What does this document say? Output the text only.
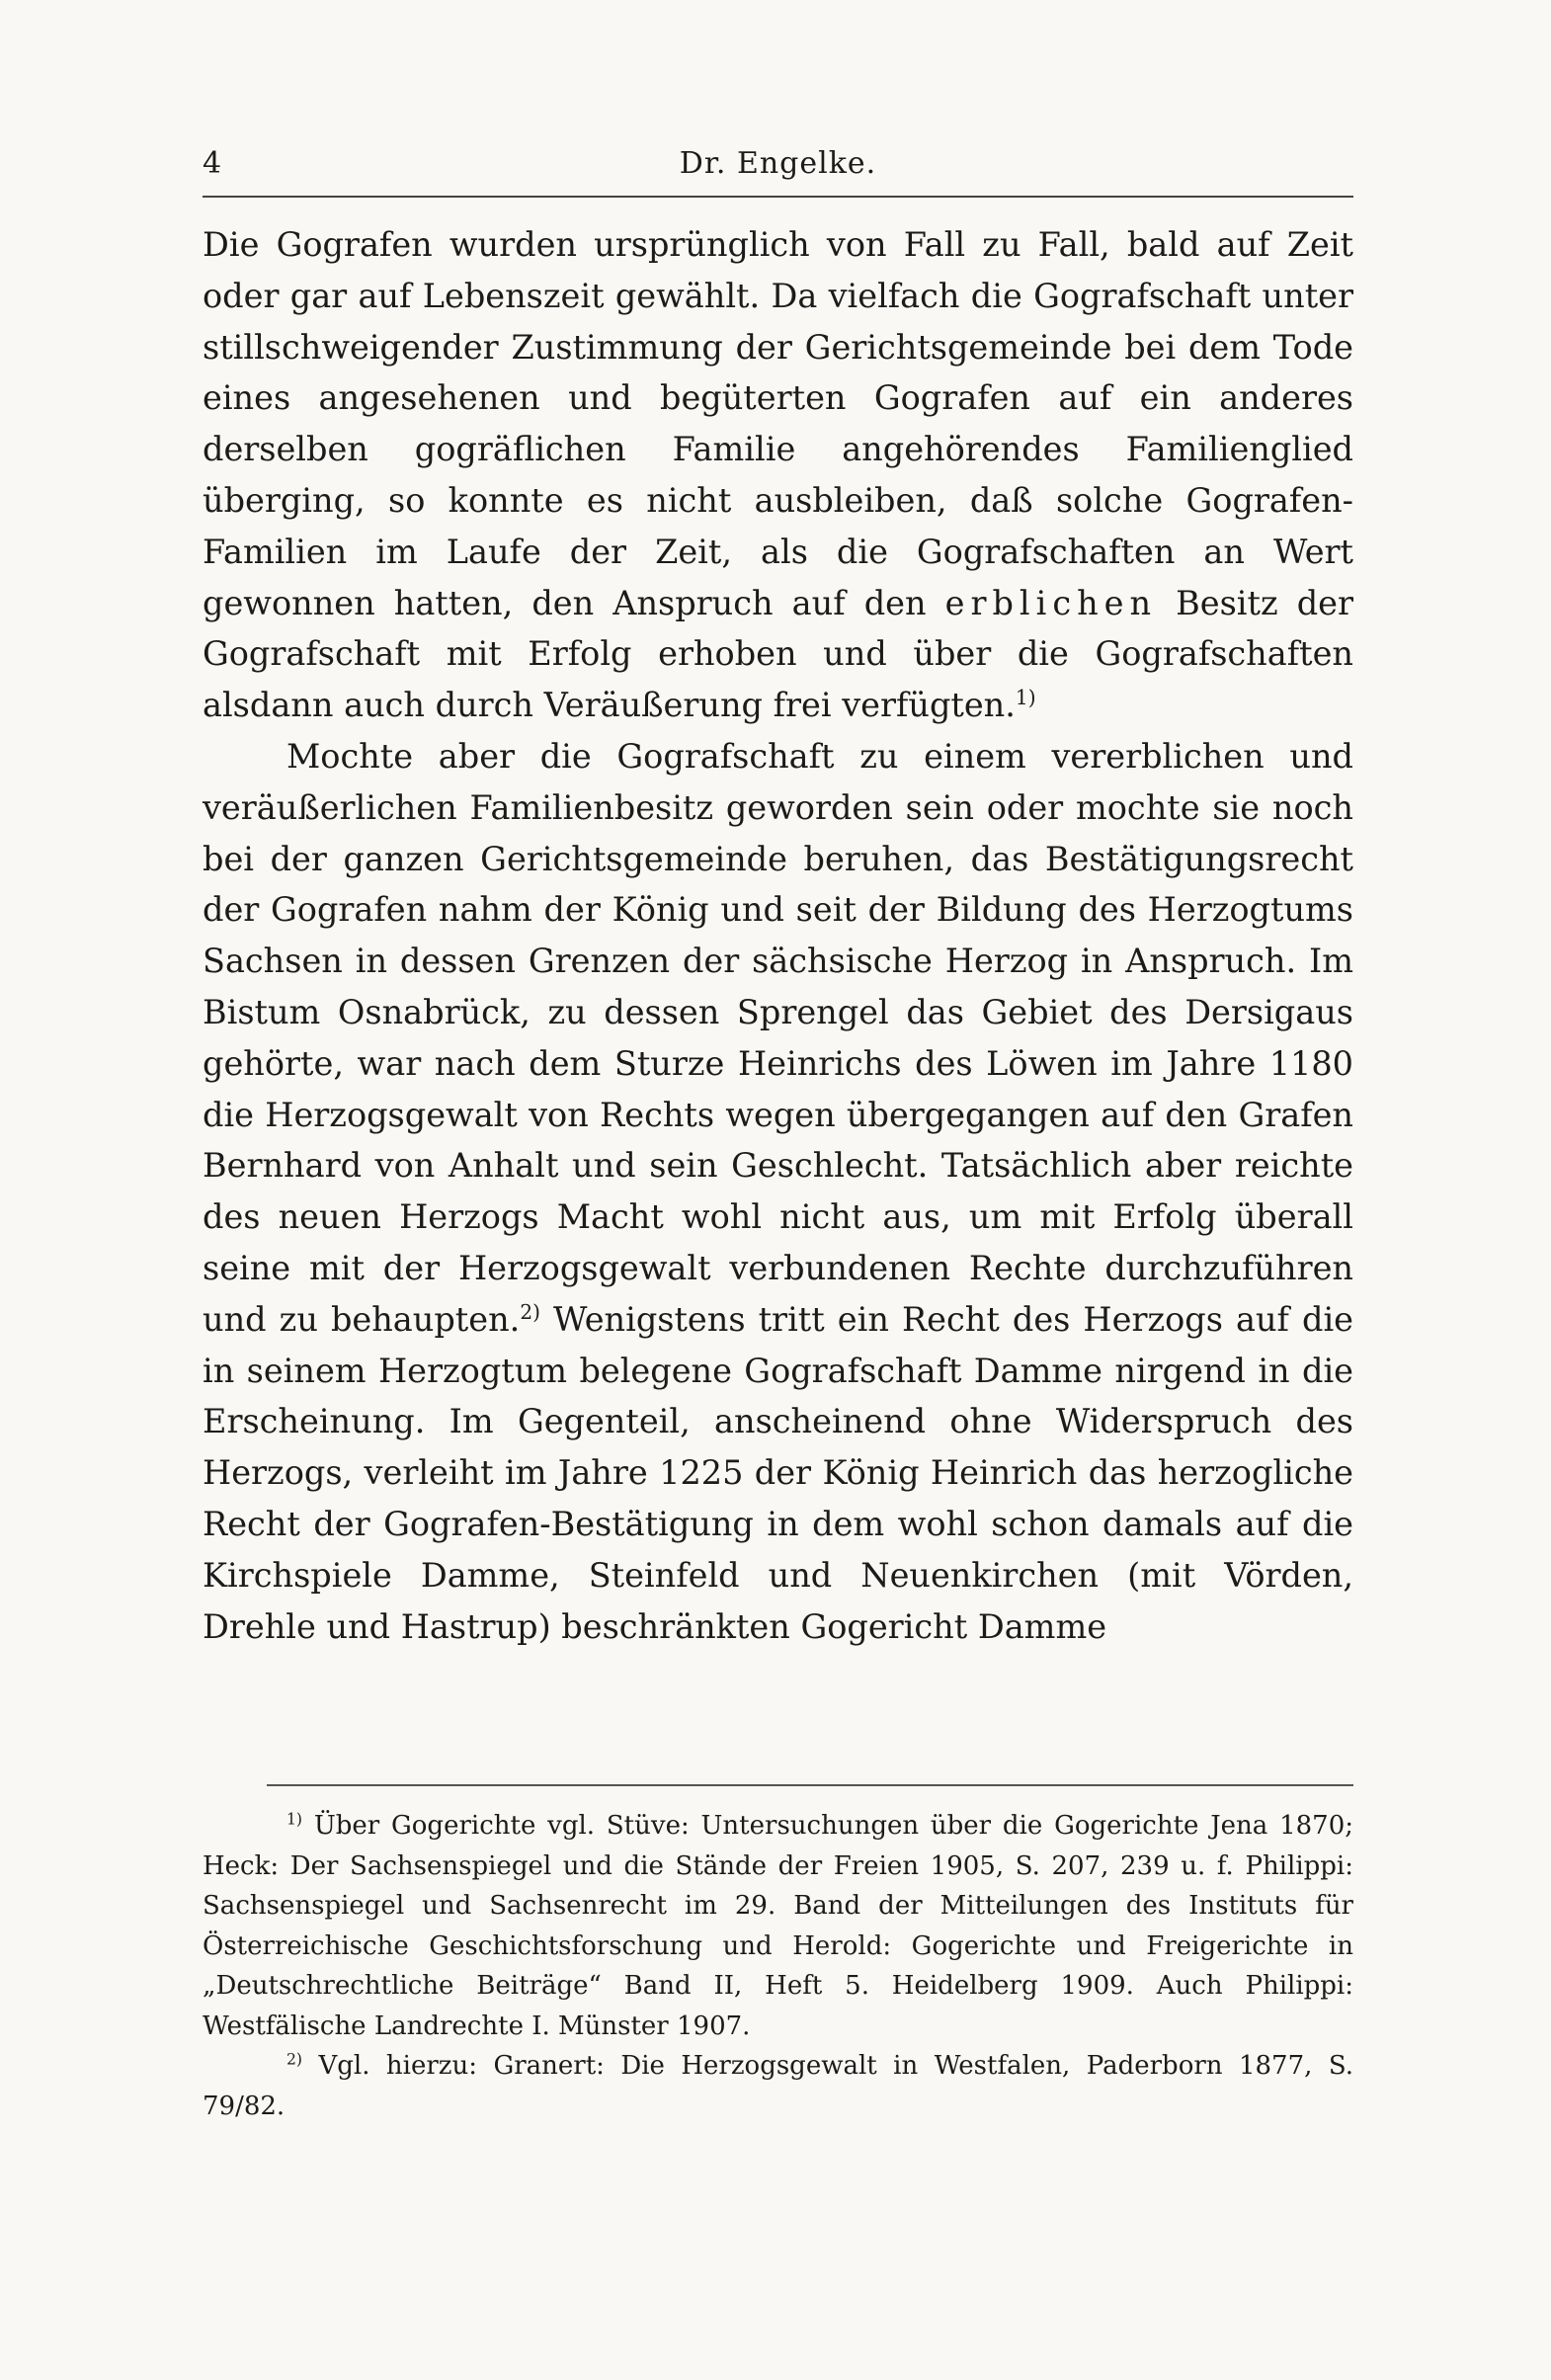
4	Dr. Engelke.

Die Gografen wurden ursprünglich von Fall zu Fall, bald auf Zeit oder gar auf Lebenszeit gewählt. Da vielfach die Gografschaft unter stillschweigender Zustimmung der Gerichtsgemeinde bei dem Tode eines angesehenen und begüterten Gografen auf ein anderes derselben gogräflichen Familie angehörendes Familienglied überging, so konnte es nicht ausbleiben, daß solche Gografen-Familien im Laufe der Zeit, als die Gografschaften an Wert gewonnen hatten, den Anspruch auf den erblichen Besitz der Gografschaft mit Erfolg erhoben und über die Gografschaften alsdann auch durch Veräußerung frei verfügten.$^{1)}$

Mochte aber die Gografschaft zu einem vererblichen und veräußerlichen Familienbesitz geworden sein oder mochte sie noch bei der ganzen Gerichtsgemeinde beruhen, das Bestätigungsrecht der Gografen nahm der König und seit der Bildung des Herzogtums Sachsen in dessen Grenzen der sächsische Herzog in Anspruch. Im Bistum Osnabrück, zu dessen Sprengel das Gebiet des Dersigaus gehörte, war nach dem Sturze Heinrichs des Löwen im Jahre 1180 die Herzogsgewalt von Rechts wegen übergegangen auf den Grafen Bernhard von Anhalt und sein Geschlecht. Tatsächlich aber reichte des neuen Herzogs Macht wohl nicht aus, um mit Erfolg überall seine mit der Herzogsgewalt verbundenen Rechte durchzuführen und zu behaupten.$^{2)}$ Wenigstens tritt ein Recht des Herzogs auf die in seinem Herzogtum belegene Gografschaft Damme nirgend in die Erscheinung. Im Gegenteil, anscheinend ohne Widerspruch des Herzogs, verleiht im Jahre 1225 der König Heinrich das herzogliche Recht der Gografen-Bestätigung in dem wohl schon damals auf die Kirchspiele Damme, Steinfeld und Neuenkirchen (mit Vörden, Drehle und Hastrup) beschränkten Gogericht Damme

$^{1)}$ Über Gogerichte vgl. Stüve: Untersuchungen über die Gogerichte Jena 1870; Heck: Der Sachsenspiegel und die Stände der Freien 1905, S. 207, 239 u. f. Philippi: Sachsenspiegel und Sachsenrecht im 29. Band der Mitteilungen des Instituts für Österreichische Geschichtsforschung und Herold: Gogerichte und Freigerichte in „Deutschrechtliche Beiträge“ Band II, Heft 5. Heidelberg 1909. Auch Philippi: Westfälische Landrechte I. Münster 1907.

$^{2)}$ Vgl. hierzu: Granert: Die Herzogsgewalt in Westfalen, Paderborn 1877, S. 79/82.
